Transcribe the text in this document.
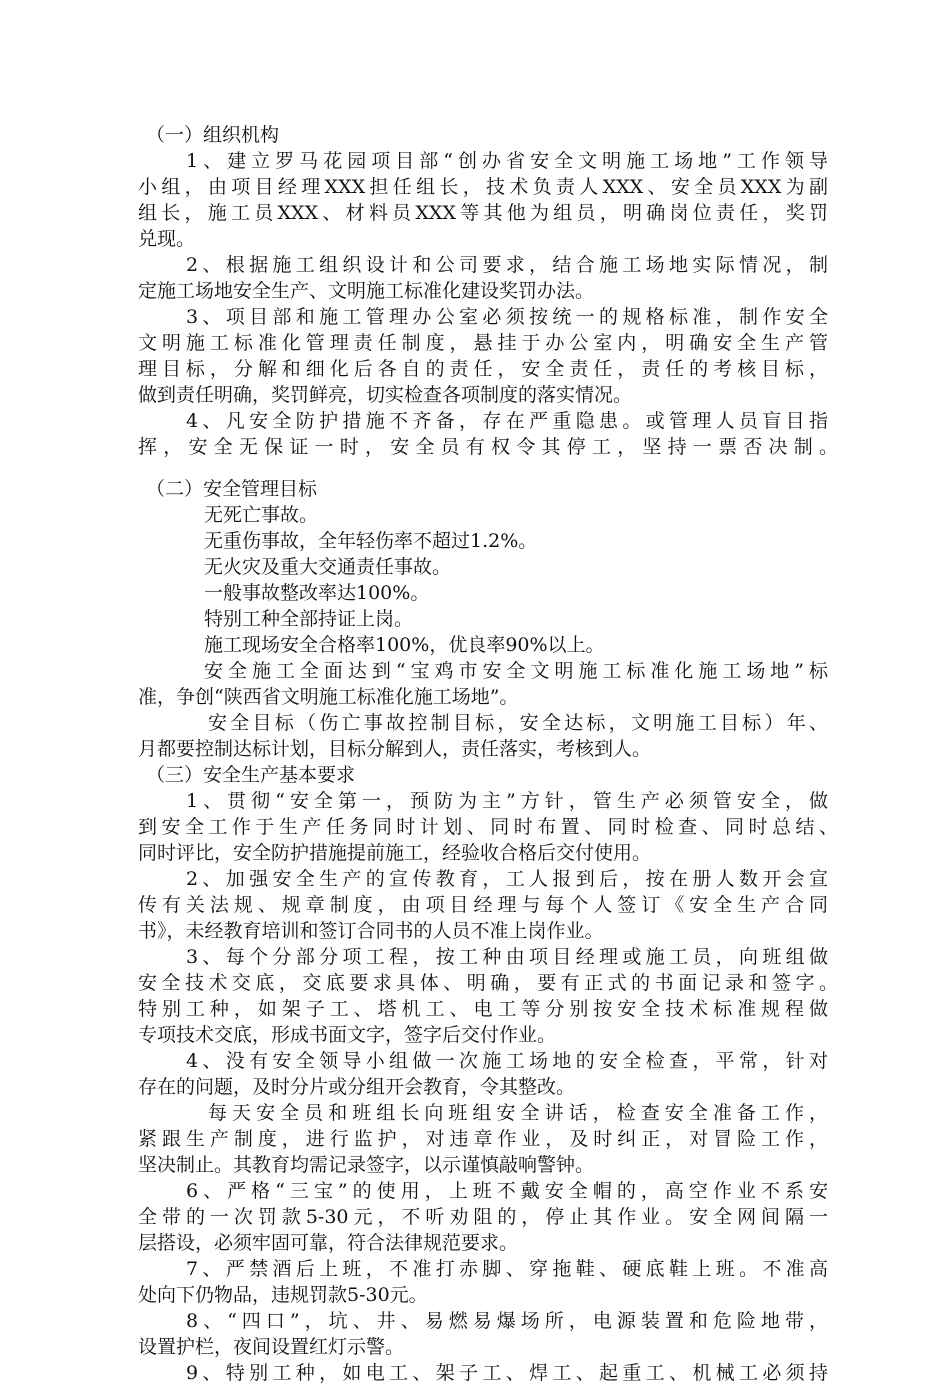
（一）组织机构
1、建立罗马花园项目部“创办省安全文明施工场地”工作领导
小组，由项目经理XXX担任组长，技术负责人XXX、安全员XXX为副
组长，施工员XXX、材料员XXX等其他为组员，明确岗位责任，奖罚
兑现。
2、根据施工组织设计和公司要求，结合施工场地实际情况，制
定施工场地安全生产、文明施工标准化建设奖罚办法。
3、项目部和施工管理办公室必须按统一的规格标准，制作安全
文明施工标准化管理责任制度，悬挂于办公室内，明确安全生产管
理目标，分解和细化后各自的责任，安全责任，责任的考核目标，
做到责任明确，奖罚鲜亮，切实检查各项制度的落实情况。
4、凡安全防护措施不齐备，存在严重隐患。或管理人员盲目指
挥，安全无保证一时，安全员有权令其停工，坚持一票否决制。
（二）安全管理目标
无死亡事故。
无重伤事故，全年轻伤率不超过1.2%。
无火灾及重大交通责任事故。
一般事故整改率达100%。
特别工种全部持证上岗。
施工现场安全合格率100%，优良率90%以上。
安全施工全面达到“宝鸡市安全文明施工标准化施工场地”标
准，争创“陕西省文明施工标准化施工场地”。
安全目标（伤亡事故控制目标，安全达标，文明施工目标）年、
月都要控制达标计划，目标分解到人，责任落实，考核到人。
（三）安全生产基本要求
1、贯彻“安全第一，预防为主”方针，管生产必须管安全，做
到安全工作于生产任务同时计划、同时布置、同时检查、同时总结、
同时评比，安全防护措施提前施工，经验收合格后交付使用。
2、加强安全生产的宣传教育，工人报到后，按在册人数开会宣
传有关法规、规章制度，由项目经理与每个人签订《安全生产合同
书》，未经教育培训和签订合同书的人员不准上岗作业。
3、每个分部分项工程，按工种由项目经理或施工员，向班组做
安全技术交底，交底要求具体、明确，要有正式的书面记录和签字。
特别工种，如架子工、塔机工、电工等分别按安全技术标准规程做
专项技术交底，形成书面文字，签字后交付作业。
4、没有安全领导小组做一次施工场地的安全检查，平常，针对
存在的问题，及时分片或分组开会教育，令其整改。
每天安全员和班组长向班组安全讲话，检查安全准备工作，
紧跟生产制度，进行监护，对违章作业，及时纠正，对冒险工作，
坚决制止。其教育均需记录签字，以示谨慎敲响警钟。
6、严格“三宝”的使用，上班不戴安全帽的，高空作业不系安
全带的一次罚款5-30元，不听劝阻的，停止其作业。安全网间隔一
层搭设，必须牢固可靠，符合法律规范要求。
7、严禁酒后上班，不准打赤脚、穿拖鞋、硬底鞋上班。不准高
处向下仍物品，违规罚款5-30元。
8、“四口”，坑、井、易燃易爆场所，电源装置和危险地带，
设置护栏，夜间设置红灯示警。
9、特别工种，如电工、架子工、焊工、起重工、机械工必须持
